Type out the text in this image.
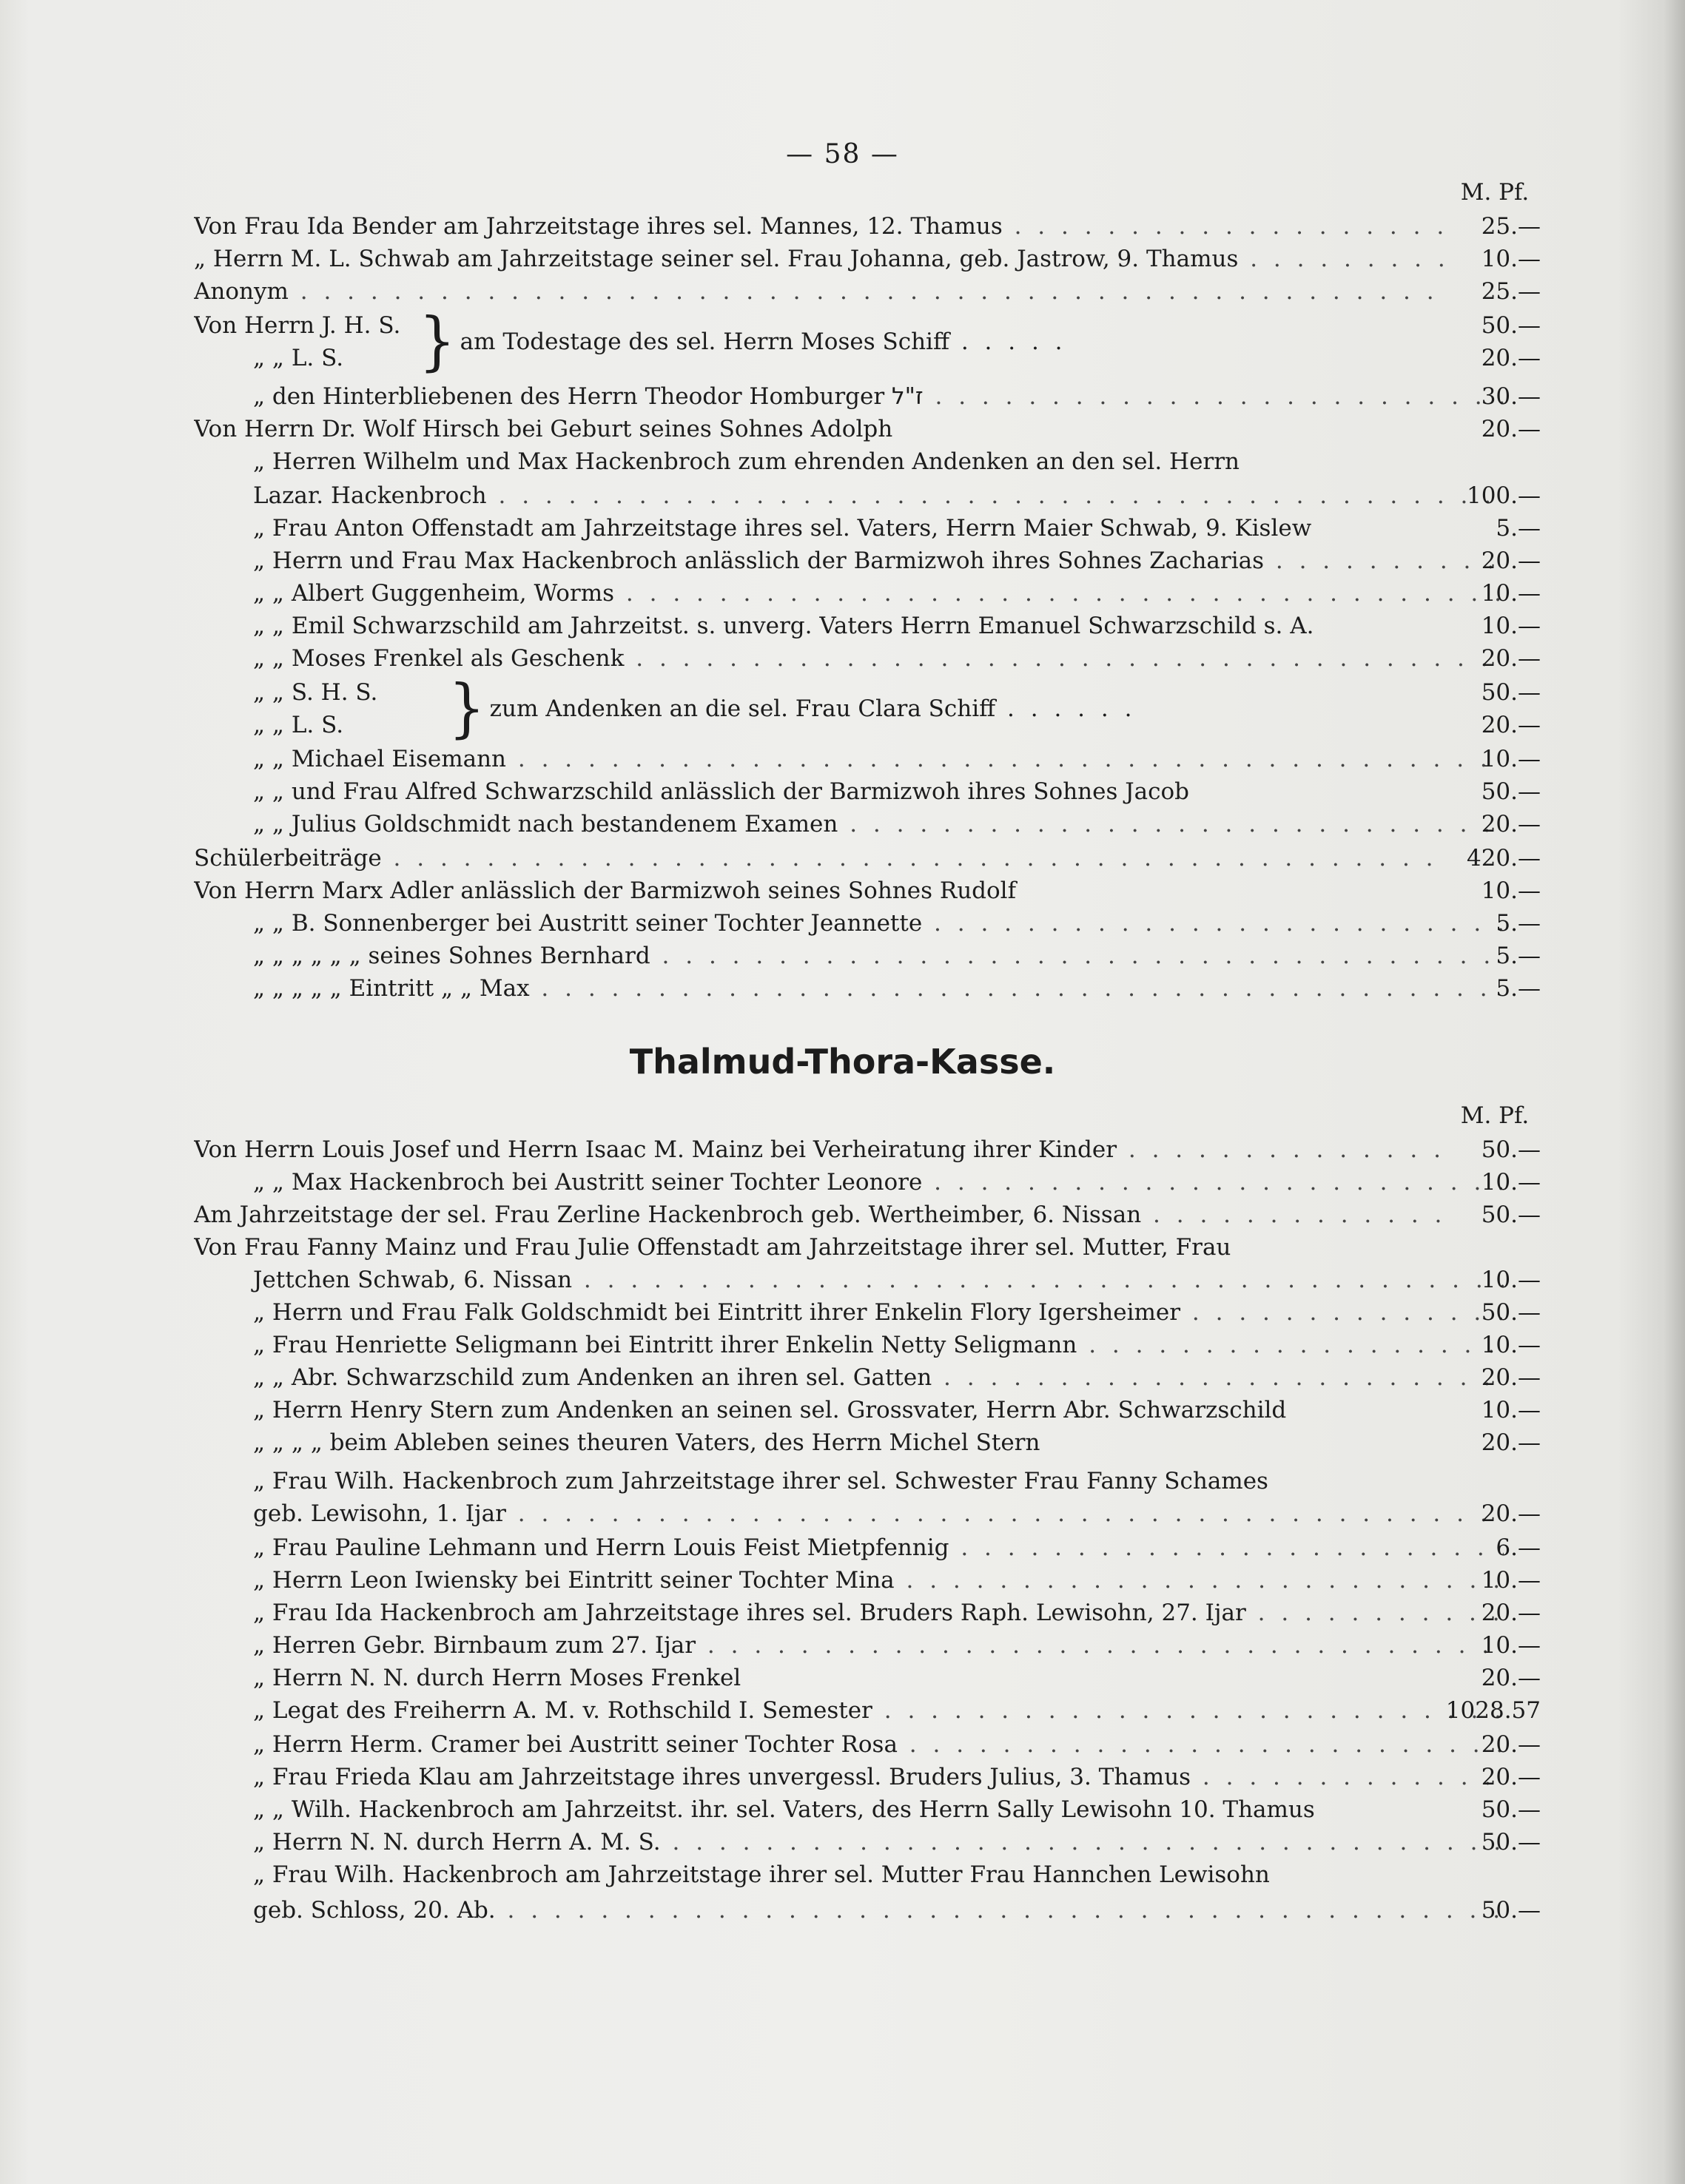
— 58 —
M. Pf.
Von Frau Ida Bender am Jahrzeitstage ihres sel. Mannes, 12. Thamus . . .	25.—
„ Herrn M. L. Schwab am Jahrzeitstage seiner sel. Frau Johanna, geb. Jastrow, 9. Thamus . . .	10.—
Anonym . . .	25.—
Von Herrn J. H. S.	50.—
„ „ L. S.	20.—
} am Todestage des sel. Herrn Moses Schiff . . . . .
„ den Hinterbliebenen des Herrn Theodor Homburger ז"ל . . .	30.—
Von Herrn Dr. Wolf Hirsch bei Geburt seines Sohnes Adolph	20.—
„ Herren Wilhelm und Max Hackenbroch zum ehrenden Andenken an den sel. Herrn
Lazar. Hackenbroch . . .	100.—
„ Frau Anton Offenstadt am Jahrzeitstage ihres sel. Vaters, Herrn Maier Schwab, 9. Kislew	5.—
„ Herrn und Frau Max Hackenbroch anlässlich der Barmizwoh ihres Sohnes Zacharias . . .	20.—
„ „ Albert Guggenheim, Worms . . .	10.—
„ „ Emil Schwarzschild am Jahrzeitst. s. unverg. Vaters Herrn Emanuel Schwarzschild s. A.	10.—
„ „ Moses Frenkel als Geschenk . . .	20.—
„ „ S. H. S.	50.—
„ „ L. S.	20.—
} zum Andenken an die sel. Frau Clara Schiff . . . . . .
„ „ Michael Eisemann . . .	10.—
„ „ und Frau Alfred Schwarzschild anlässlich der Barmizwoh ihres Sohnes Jacob	50.—
„ „ Julius Goldschmidt nach bestandenem Examen . . .	20.—
Schülerbeiträge . . .	420.—
Von Herrn Marx Adler anlässlich der Barmizwoh seines Sohnes Rudolf	10.—
„ „ B. Sonnenberger bei Austritt seiner Tochter Jeannette . . .	5.—
„ „ „ „ „ „ seines Sohnes Bernhard . . .	5.—
„ „ „ „ „ Eintritt „ „ Max . . .	5.—
Thalmud-Thora-Kasse.
M. Pf.
Von Herrn Louis Josef und Herrn Isaac M. Mainz bei Verheiratung ihrer Kinder . . .	50.—
„ „ Max Hackenbroch bei Austritt seiner Tochter Leonore . . .	10.—
Am Jahrzeitstage der sel. Frau Zerline Hackenbroch geb. Wertheimber, 6. Nissan . . .	50.—
Von Frau Fanny Mainz und Frau Julie Offenstadt am Jahrzeitstage ihrer sel. Mutter, Frau
Jettchen Schwab, 6. Nissan . . .	10.—
„ Herrn und Frau Falk Goldschmidt bei Eintritt ihrer Enkelin Flory Igersheimer . . .	50.—
„ Frau Henriette Seligmann bei Eintritt ihrer Enkelin Netty Seligmann . . .	10.—
„ „ Abr. Schwarzschild zum Andenken an ihren sel. Gatten . . .	20.—
„ Herrn Henry Stern zum Andenken an seinen sel. Grossvater, Herrn Abr. Schwarzschild	10.—
„ „ „ „ beim Ableben seines theuren Vaters, des Herrn Michel Stern	20.—
„ Frau Wilh. Hackenbroch zum Jahrzeitstage ihrer sel. Schwester Frau Fanny Schames
geb. Lewisohn, 1. Ijar . . .	20.—
„ Frau Pauline Lehmann und Herrn Louis Feist Mietpfennig . . .	6.—
„ Herrn Leon Iwiensky bei Eintritt seiner Tochter Mina . . .	10.—
„ Frau Ida Hackenbroch am Jahrzeitstage ihres sel. Bruders Raph. Lewisohn, 27. Ijar . . .	20.—
„ Herren Gebr. Birnbaum zum 27. Ijar . . .	10.—
„ Herrn N. N. durch Herrn Moses Frenkel	20.—
„ Legat des Freiherrn A. M. v. Rothschild I. Semester . . .	1028.57
„ Herrn Herm. Cramer bei Austritt seiner Tochter Rosa . . .	20.—
„ Frau Frieda Klau am Jahrzeitstage ihres unvergessl. Bruders Julius, 3. Thamus . . .	20.—
„ „ Wilh. Hackenbroch am Jahrzeitst. ihr. sel. Vaters, des Herrn Sally Lewisohn 10. Thamus	50.—
„ Herrn N. N. durch Herrn A. M. S. . . .	50.—
„ Frau Wilh. Hackenbroch am Jahrzeitstage ihrer sel. Mutter Frau Hannchen Lewisohn
geb. Schloss, 20. Ab. . . .	50.—
